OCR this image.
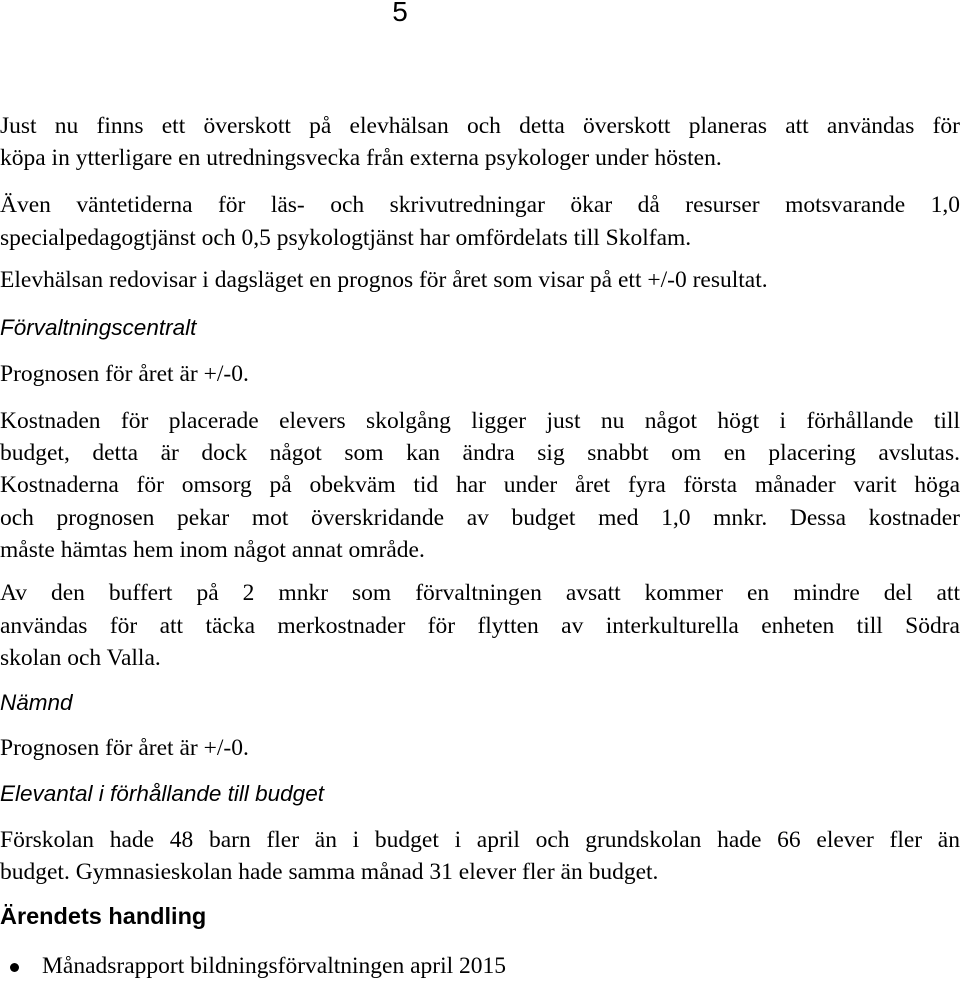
5
Just nu finns ett överskott på elevhälsan och detta överskott planeras att användas för
köpa in ytterligare en utredningsvecka från externa psykologer under hösten.
Även väntetiderna för läs- och skrivutredningar ökar då resurser motsvarande 1,0
specialpedagogtjänst och 0,5 psykologtjänst har omfördelats till Skolfam.
Elevhälsan redovisar i dagsläget en prognos för året som visar på ett +/-0 resultat.
Förvaltningscentralt
Prognosen för året är +/-0.
Kostnaden för placerade elevers skolgång ligger just nu något högt i förhållande till
budget, detta är dock något som kan ändra sig snabbt om en placering avslutas.
Kostnaderna för omsorg på obekväm tid har under året fyra första månader varit höga
och prognosen pekar mot överskridande av budget med 1,0 mnkr. Dessa kostnader
måste hämtas hem inom något annat område.
Av den buffert på 2 mnkr som förvaltningen avsatt kommer en mindre del att
användas för att täcka merkostnader för flytten av interkulturella enheten till Södra
skolan och Valla.
Nämnd
Prognosen för året är +/-0.
Elevantal i förhållande till budget
Förskolan hade 48 barn fler än i budget i april och grundskolan hade 66 elever fler än
budget. Gymnasieskolan hade samma månad 31 elever fler än budget.
Ärendets handling
Månadsrapport bildningsförvaltningen april 2015
